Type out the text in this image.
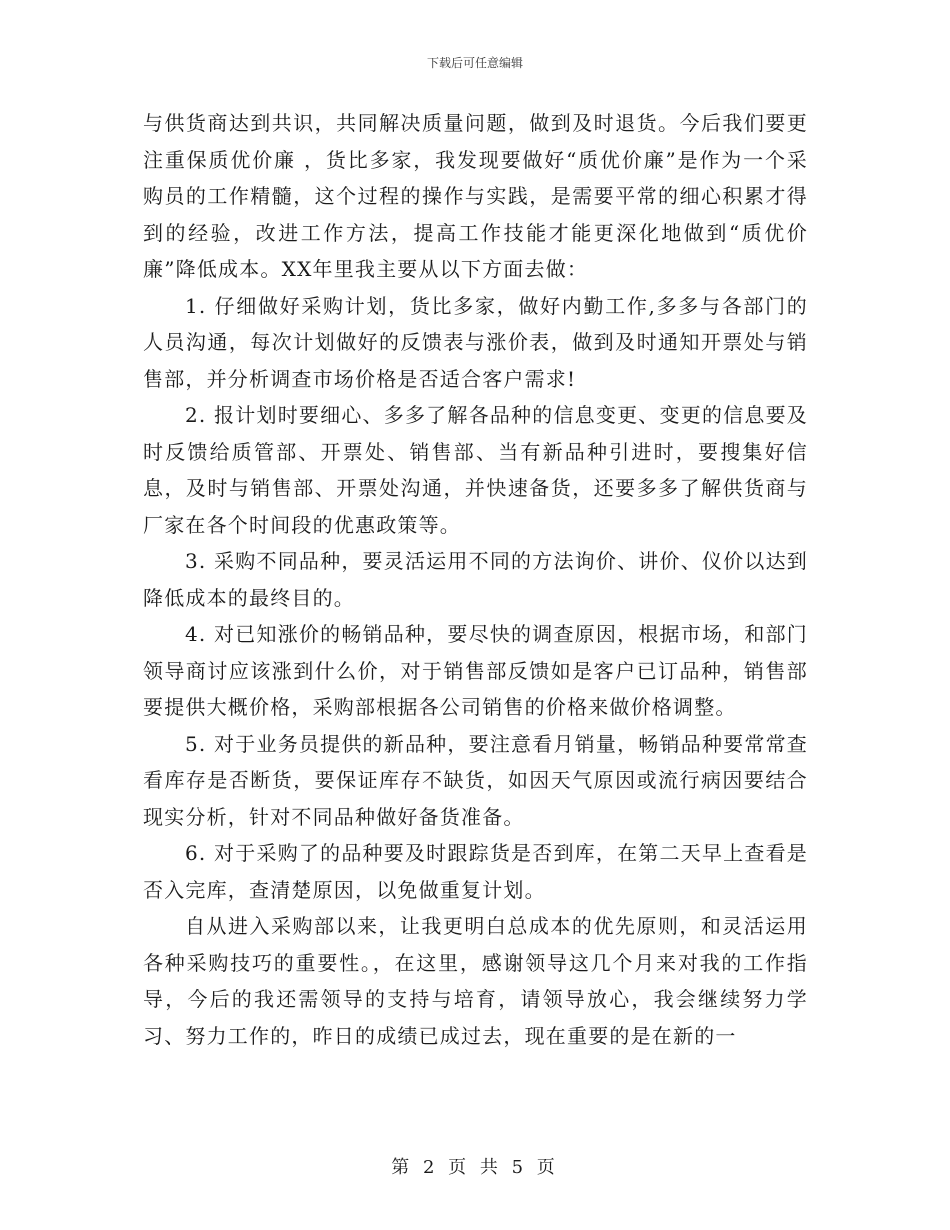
下载后可任意编辑

与供货商达到共识，共同解决质量问题，做到及时退货。今后我们要更注重保质优价廉 ，货比多家，我发现要做好“质优价廉”是作为一个采购员的工作精髓，这个过程的操作与实践，是需要平常的细心积累才得到的经验，改进工作方法，提高工作技能才能更深化地做到“质优价廉”降低成本。XX年里我主要从以下方面去做：

1. 仔细做好采购计划，货比多家，做好内勤工作,多多与各部门的人员沟通，每次计划做好的反馈表与涨价表，做到及时通知开票处与销售部，并分析调查市场价格是否适合客户需求!

2. 报计划时要细心、多多了解各品种的信息变更、变更的信息要及时反馈给质管部、开票处、销售部、当有新品种引进时，要搜集好信息，及时与销售部、开票处沟通，并快速备货，还要多多了解供货商与厂家在各个时间段的优惠政策等。

3. 采购不同品种，要灵活运用不同的方法询价、讲价、仪价以达到降低成本的最终目的。

4. 对已知涨价的畅销品种，要尽快的调查原因，根据市场，和部门领导商讨应该涨到什么价，对于销售部反馈如是客户已订品种，销售部要提供大概价格，采购部根据各公司销售的价格来做价格调整。

5. 对于业务员提供的新品种，要注意看月销量，畅销品种要常常查看库存是否断货，要保证库存不缺货，如因天气原因或流行病因要结合现实分析，针对不同品种做好备货准备。

6. 对于采购了的品种要及时跟踪货是否到库，在第二天早上查看是否入完库，查清楚原因，以免做重复计划。

自从进入采购部以来，让我更明白总成本的优先原则，和灵活运用各种采购技巧的重要性。，在这里，感谢领导这几个月来对我的工作指导，今后的我还需领导的支持与培育，请领导放心，我会继续努力学习、努力工作的，昨日的成绩已成过去，现在重要的是在新的一

第 2 页 共 5 页
